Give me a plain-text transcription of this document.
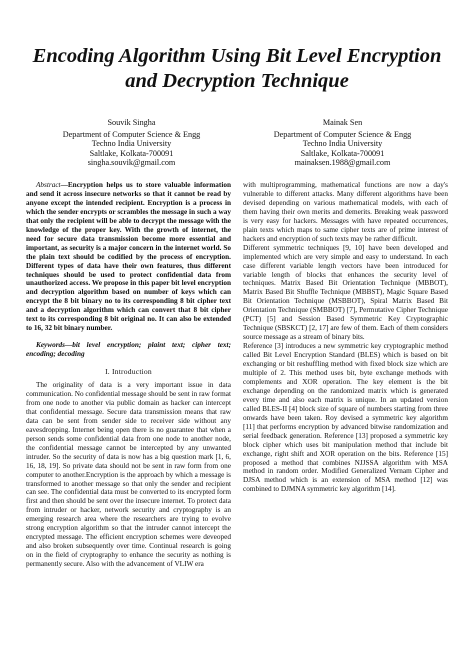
Encoding Algorithm Using Bit Level Encryption
and Decryption Technique
Souvik Singha
Department of Computer Science & Engg
Techno India University
Saltlake, Kolkata-700091
singha.souvik@gmail.com
Mainak Sen
Department of Computer Science & Engg
Techno India University
Saltlake, Kolkata-700091
mainaksen.1988@gmail.com

Abstract—Encryption helps us to store valuable information and send it across insecure networks so that it cannot be read by anyone except the intended recipient. Encryption is a process in which the sender encrypts or scrambles the message in such a way that only the recipient will be able to decrypt the message with the knowledge of the proper key. With the growth of internet, the need for secure data transmission become more essential and important, as security is a major concern in the internet world. So the plain text should be codified by the process of encryption. Different types of data have their own features, thus different techniques should be used to protect confidential data from unauthorized access. We propose in this paper bit level encryption and decryption algorithm based on number of keys which can encrypt the 8 bit binary no to its corresponding 8 bit cipher text and a decryption algorithm which can convert that 8 bit cipher text to its corresponding 8 bit original no. It can also be extended to 16, 32 bit binary number.

Keywords—bit level encryption; plaint text; cipher text; encoding; decoding

I. Introduction

The originality of data is a very important issue in data communication. No confidential message should be sent in raw format from one node to another via public domain as hacker can intercept that confidential message. Secure data transmission means that raw data can be sent from sender side to receiver side without any eavesdropping. Internet being open there is no guarantee that when a person sends some confidential data from one node to another node, the confidential message cannot be intercepted by any unwanted intruder. So the security of data is now has a big question mark [1, 6, 16, 18, 19]. So private data should not be sent in raw form from one computer to another.Encryption is the approach by which a message is transformed to another message so that only the sender and recipient can see. The confidential data must be converted to its encrypted form first and then should be sent over the insecure internet. To protect data from intruder or hacker, network security and cryptography is an emerging research area where the researchers are trying to evolve strong encryption algorithm so that the intruder cannot intercept the encrypted message. The efficient encryption schemes were deveoped and also broken subsequently over time. Continual research is going on in the field of cryptography to enhance the security as nothing is permanently secure. Also with the advancement of VLIW era

with multiprogramming, mathematical functions are now a day's vulnerable to different attacks. Many different algorithms have been devised depending on various mathematical models, with each of them having their own merits and demerits. Breaking weak password is very easy for hackers. Messages with have repeated occurrences, plain texts which maps to same cipher texts are of prime interest of hackers and encryption of such texts may be rather difficult.

Different symmetric techniques [9, 10] have been developed and implemented which are very simple and easy to understand. In each case different variable length vectors have been introduced for variable length of blocks that enhances the security level of techniques. Matrix Based Bit Orientation Technique (MBBOT), Matrix Based Bit Shuffle Technique (MBBST), Magic Square Based Bit Orientation Technique (MSBBOT), Spiral Matrix Based Bit Orientation Technique (SMBBOT) [7], Permutative Cipher Technique (PCT) [5] and Session Based Symmetric Key Cryptographic Technique (SBSKCT) [2, 17] are few of them. Each of them considers source message as a stream of binary bits.

Reference [3] introduces a new symmetric key cryptographic method called Bit Level Encryption Standard (BLES) which is based on bit exchanging or bit reshuffling method with fixed block size which are multiple of 2. This method uses bit, byte exchange methods with complements and XOR operation. The key element is the bit exchange depending on the randomized matrix which is generated every time and also each matrix is unique. In an updated version called BLES-II [4] block size of square of numbers starting from three onwards have been taken. Roy devised a symmetric key algorithm [11] that performs encryption by advanced bitwise randomization and serial feedback generation. Reference [13] proposed a symmetric key block cipher which uses bit manipulation method that include bit exchange, right shift and XOR operation on the bits. Reference [15] proposed a method that combines NJJSSA algorithm with MSA method in random order. Modified Generalized Vernam Cipher and DJSA method which is an extension of MSA method [12] was combined to DJMNA symmetric key algorithm [14].
